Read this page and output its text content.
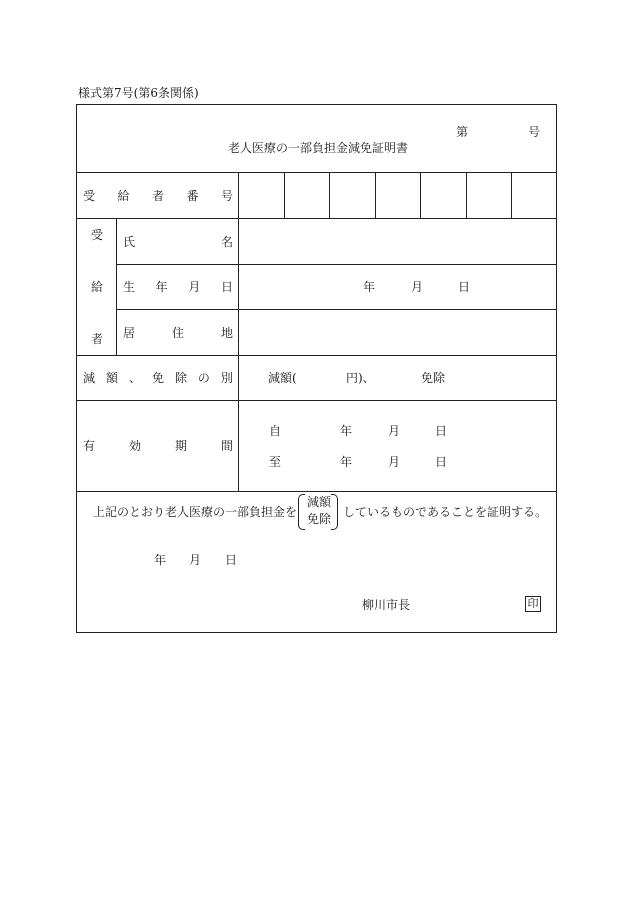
様式第7号(第6条関係)
第	号
老人医療の一部負担金減免証明書
受 給 者 番 号
受
給
者
氏	名
生 年 月 日	年	月	日
居	住	地
減 額 、 免 除 の 別	減額(	円)、	免除
有	効	期	間
自	年	月	日
至	年	月	日
上記のとおり老人医療の一部負担金を
減額
免除 しているものであることを証明する。
年 月 日
柳川市長	印
